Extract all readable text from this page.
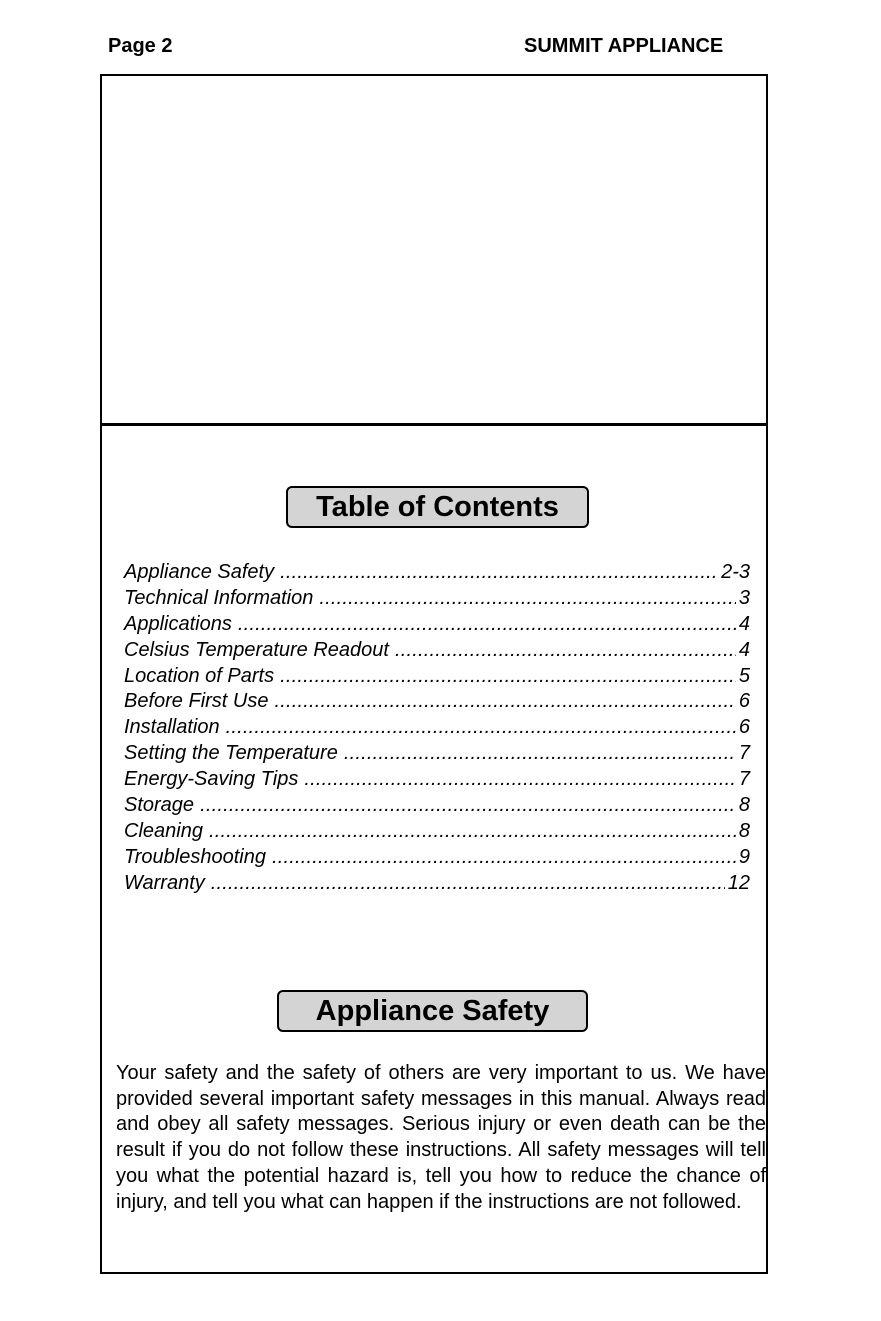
Page 2	SUMMIT APPLIANCE
Table of Contents
Appliance Safety .....	2-3
Technical Information .....	3
Applications .....	4
Celsius Temperature Readout .....	4
Location of Parts .....	5
Before First Use .....	6
Installation .....	6
Setting the Temperature .....	7
Energy-Saving Tips .....	7
Storage .....	8
Cleaning .....	8
Troubleshooting .....	9
Warranty .....	12
Appliance Safety

Your safety and the safety of others are very important to us. We have provided several important safety messages in this manual. Always read and obey all safety messages. Serious injury or even death can be the result if you do not follow these instructions. All safety messages will tell you what the potential hazard is, tell you how to reduce the chance of injury, and tell you what can happen if the instructions are not followed.
